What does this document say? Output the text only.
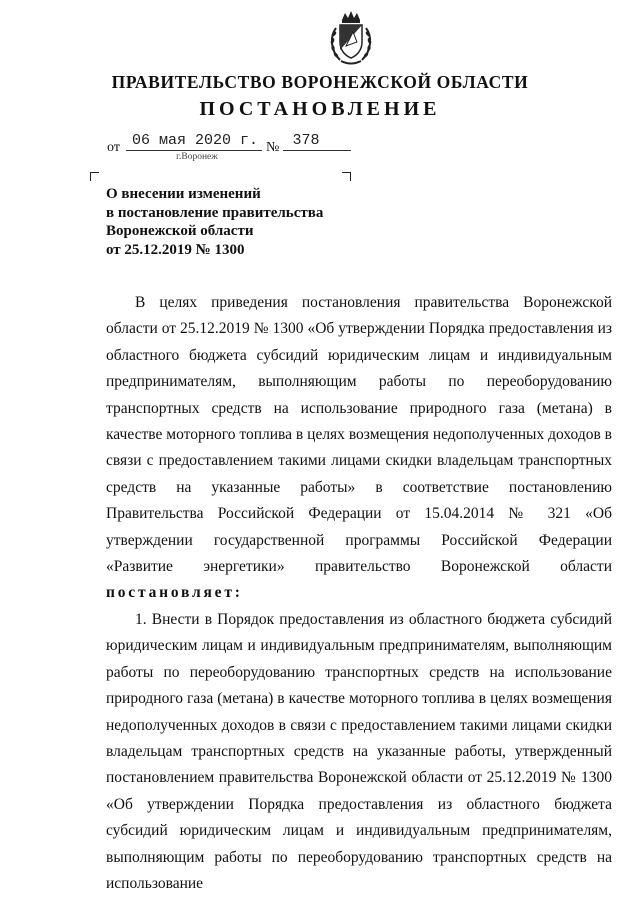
ПРАВИТЕЛЬСТВО ВОРОНЕЖСКОЙ ОБЛАСТИ
ПОСТАНОВЛЕНИЕ
от 06 мая 2020 г. № 378
г.Воронеж
О внесении изменений
в постановление правительства
Воронежской области
от 25.12.2019 № 1300

В целях приведения постановления правительства Воронежской области от 25.12.2019 № 1300 «Об утверждении Порядка предоставления из областного бюджета субсидий юридическим лицам и индивидуальным предпринимателям, выполняющим работы по переоборудованию транспортных средств на использование природного газа (метана) в качестве моторного топлива в целях возмещения недополученных доходов в связи с предоставлением такими лицами скидки владельцам транспортных средств на указанные работы» в соответствие постановлению Правительства Российской Федерации от 15.04.2014 № 321 «Об утверждении государственной программы Российской Федерации «Развитие энергетики» правительство Воронежской области

постановляет:

1. Внести в Порядок предоставления из областного бюджета субсидий юридическим лицам и индивидуальным предпринимателям, выполняющим работы по переоборудованию транспортных средств на использование природного газа (метана) в качестве моторного топлива в целях возмещения недополученных доходов в связи с предоставлением такими лицами скидки владельцам транспортных средств на указанные работы, утвержденный постановлением правительства Воронежской области от 25.12.2019 № 1300 «Об утверждении Порядка предоставления из областного бюджета субсидий юридическим лицам и индивидуальным предпринимателям, выполняющим работы по переоборудованию транспортных средств на использование
